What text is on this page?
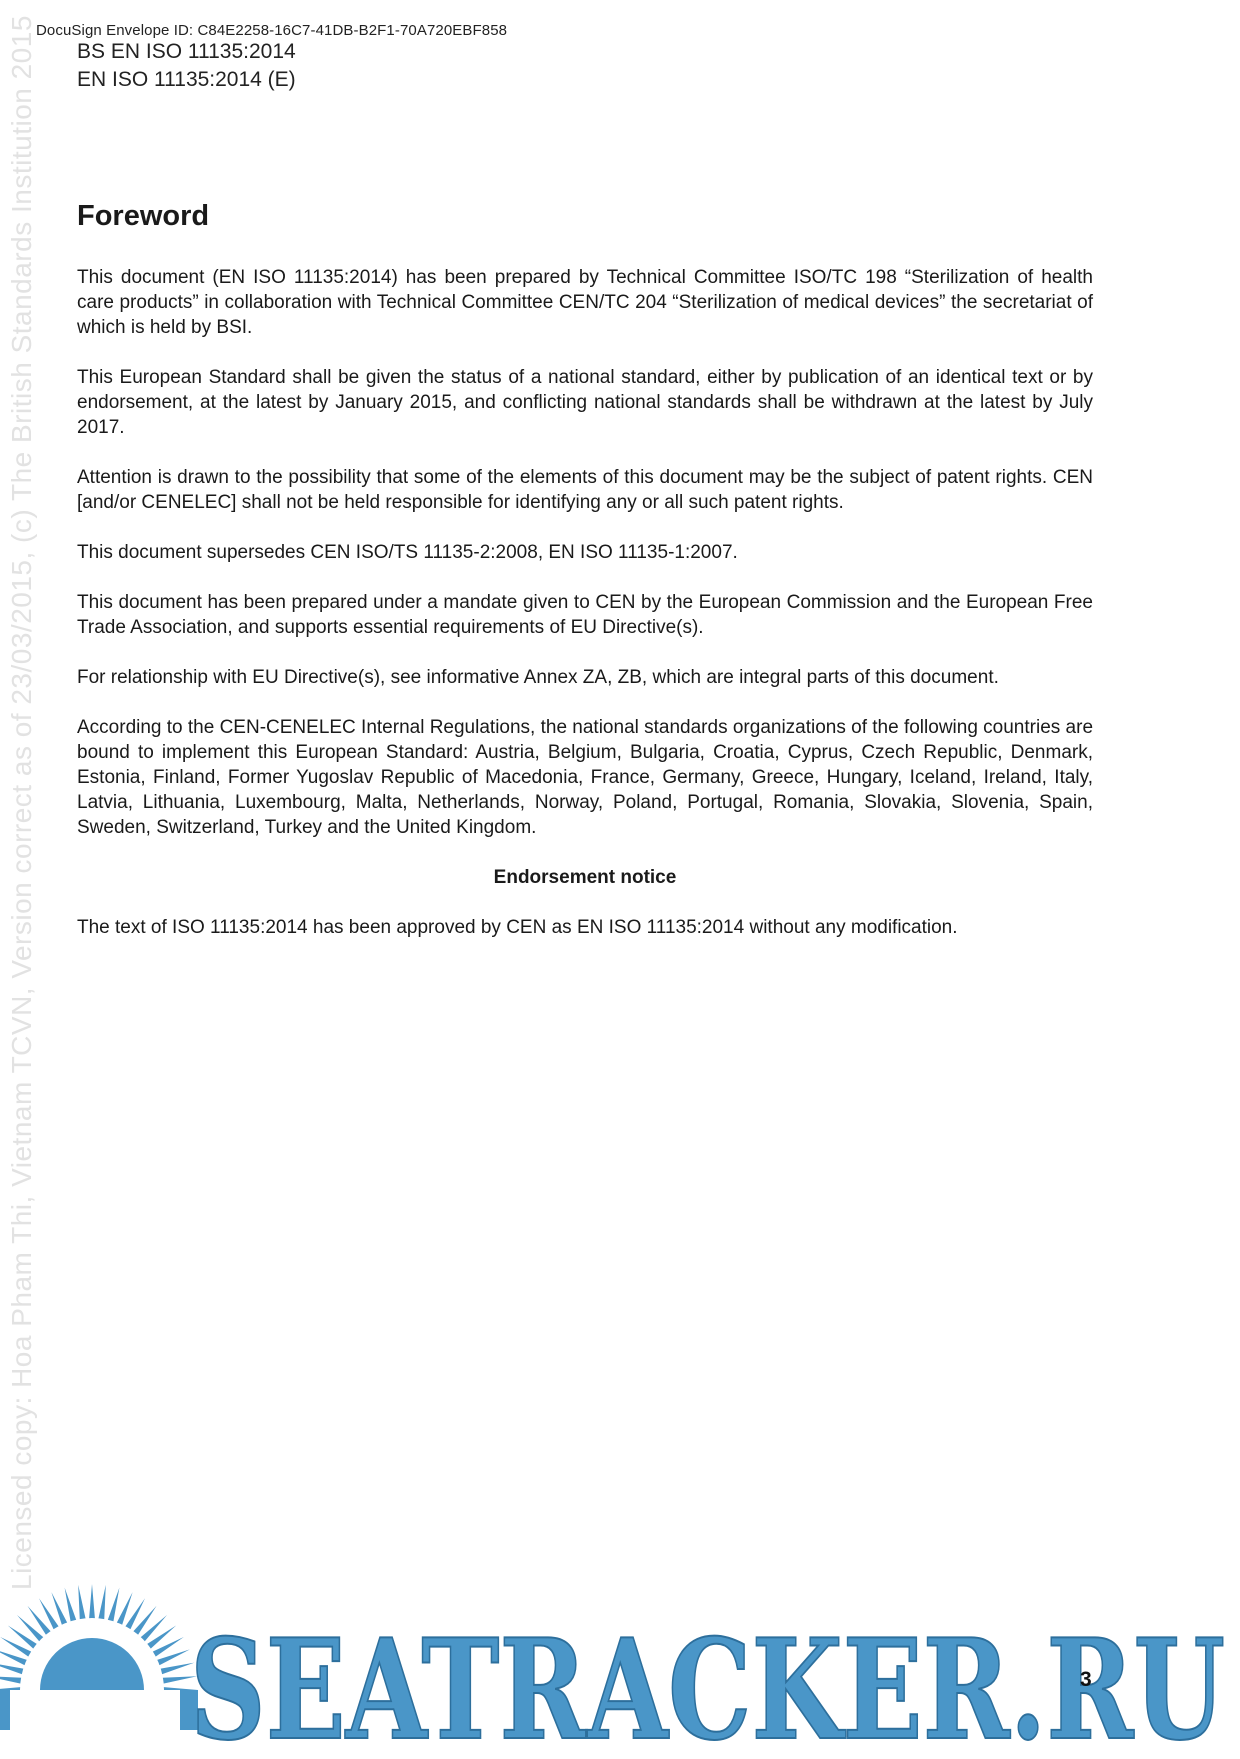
DocuSign Envelope ID: C84E2258-16C7-41DB-B2F1-70A720EBF858
BS EN ISO 11135:2014
EN ISO 11135:2014 (E)
Licensed copy: Hoa Pham Thi, Vietnam TCVN, Version correct as of 23/03/2015, (c) The British Standards Institution 2015 Foreword

This document (EN ISO 11135:2014) has been prepared by Technical Committee ISO/TC 198 “Sterilization of health care products” in collaboration with Technical Committee CEN/TC 204 “Sterilization of medical devices” the secretariat of which is held by BSI.

This European Standard shall be given the status of a national standard, either by publication of an identical text or by endorsement, at the latest by January 2015, and conflicting national standards shall be withdrawn at the latest by July 2017.

Attention is drawn to the possibility that some of the elements of this document may be the subject of patent rights. CEN [and/or CENELEC] shall not be held responsible for identifying any or all such patent rights.

This document supersedes CEN ISO/TS 11135-2:2008, EN ISO 11135-1:2007.

This document has been prepared under a mandate given to CEN by the European Commission and the European Free Trade Association, and supports essential requirements of EU Directive(s).

For relationship with EU Directive(s), see informative Annex ZA, ZB, which are integral parts of this document.

According to the CEN-CENELEC Internal Regulations, the national standards organizations of the following countries are bound to implement this European Standard: Austria, Belgium, Bulgaria, Croatia, Cyprus, Czech Republic, Denmark, Estonia, Finland, Former Yugoslav Republic of Macedonia, France, Germany, Greece, Hungary, Iceland, Ireland, Italy, Latvia, Lithuania, Luxembourg, Malta, Netherlands, Norway, Poland, Portugal, Romania, Slovakia, Slovenia, Spain, Sweden, Switzerland, Turkey and the United Kingdom.

Endorsement notice

The text of ISO 11135:2014 has been approved by CEN as EN ISO 11135:2014 without any modification.

SEATRACKER.RU
3
